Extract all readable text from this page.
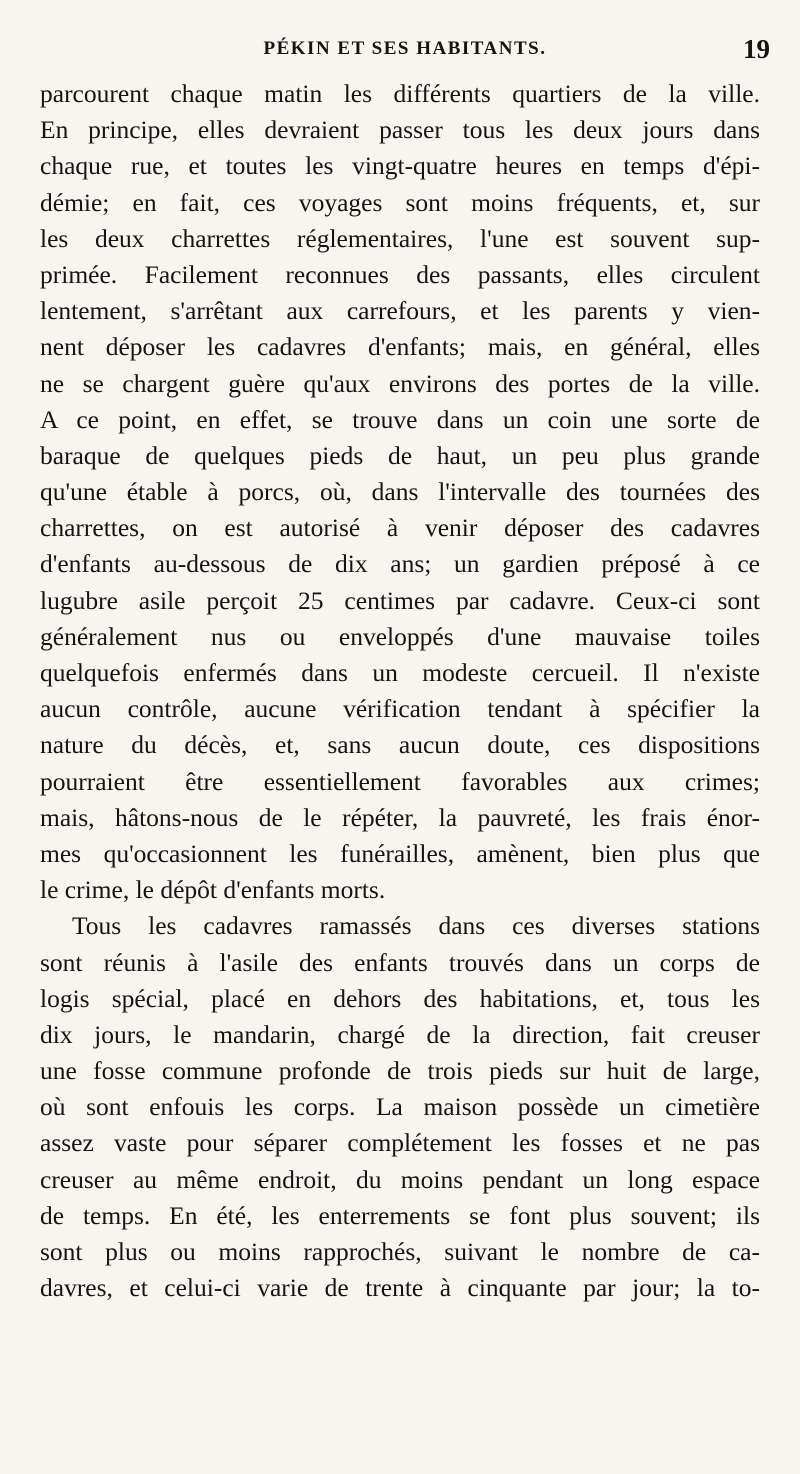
PÉKIN ET SES HABITANTS.	19
parcourent chaque matin les différents quartiers de la ville.
En principe, elles devraient passer tous les deux jours dans
chaque rue, et toutes les vingt-quatre heures en temps d'épi-
démie; en fait, ces voyages sont moins fréquents, et, sur
les deux charrettes réglementaires, l'une est souvent sup-
primée. Facilement reconnues des passants, elles circulent
lentement, s'arrêtant aux carrefours, et les parents y vien-
nent déposer les cadavres d'enfants; mais, en général, elles
ne se chargent guère qu'aux environs des portes de la ville.
A ce point, en effet, se trouve dans un coin une sorte de
baraque de quelques pieds de haut, un peu plus grande
qu'une étable à porcs, où, dans l'intervalle des tournées des
charrettes, on est autorisé à venir déposer des cadavres
d'enfants au-dessous de dix ans; un gardien préposé à ce
lugubre asile perçoit 25 centimes par cadavre. Ceux-ci sont
généralement nus ou enveloppés d'une mauvaise toiles
quelquefois enfermés dans un modeste cercueil. Il n'existe
aucun contrôle, aucune vérification tendant à spécifier la
nature du décès, et, sans aucun doute, ces dispositions
pourraient être essentiellement favorables aux crimes;
mais, hâtons-nous de le répéter, la pauvreté, les frais énor-
mes qu'occasionnent les funérailles, amènent, bien plus que
le crime, le dépôt d'enfants morts.
Tous les cadavres ramassés dans ces diverses stations
sont réunis à l'asile des enfants trouvés dans un corps de
logis spécial, placé en dehors des habitations, et, tous les
dix jours, le mandarin, chargé de la direction, fait creuser
une fosse commune profonde de trois pieds sur huit de large,
où sont enfouis les corps. La maison possède un cimetière
assez vaste pour séparer complétement les fosses et ne pas
creuser au même endroit, du moins pendant un long espace
de temps. En été, les enterrements se font plus souvent; ils
sont plus ou moins rapprochés, suivant le nombre de ca-
davres, et celui-ci varie de trente à cinquante par jour; la to-
